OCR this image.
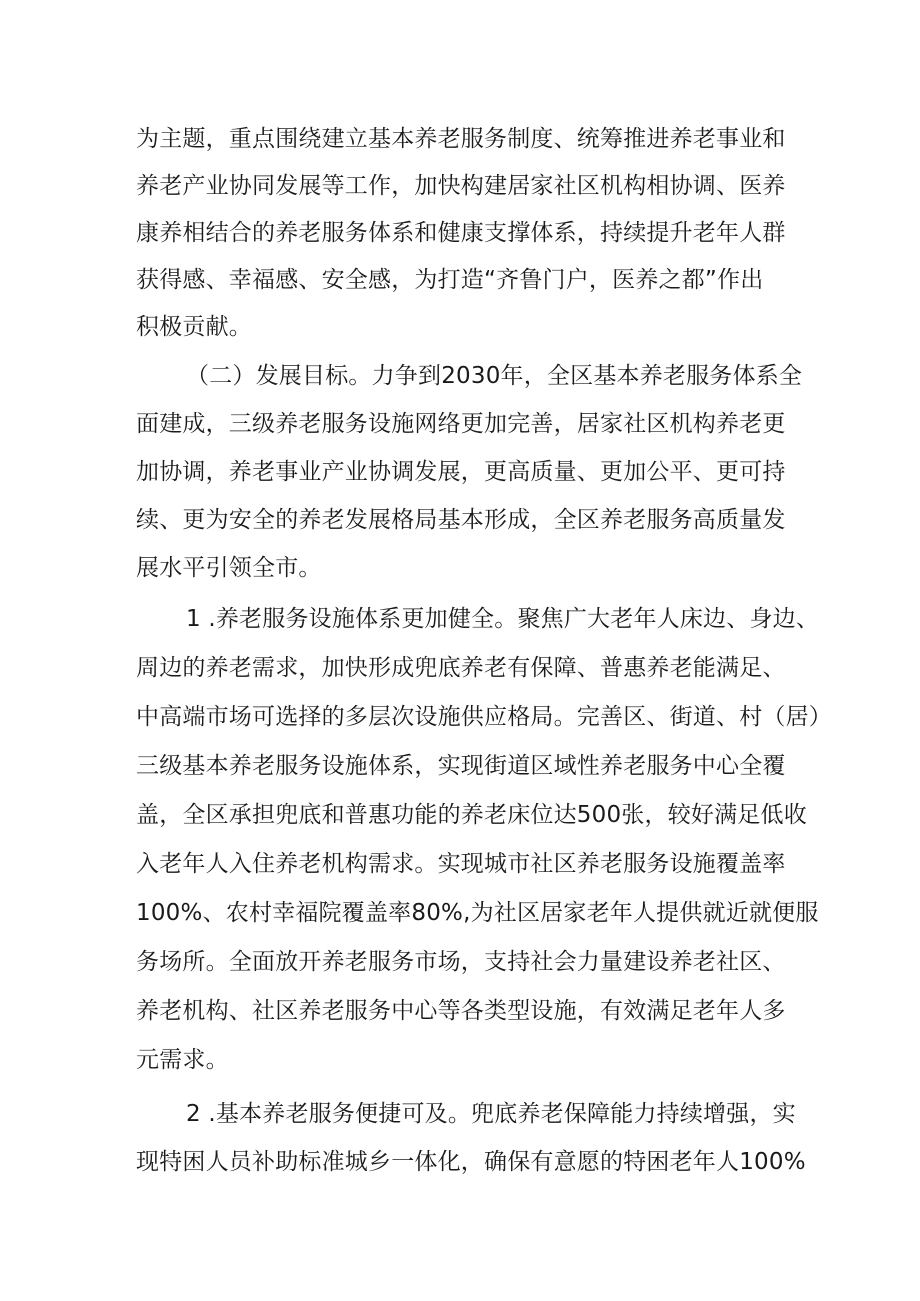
为主题，重点围绕建立基本养老服务制度、统筹推进养老事业和
养老产业协同发展等工作，加快构建居家社区机构相协调、医养
康养相结合的养老服务体系和健康支撑体系，持续提升老年人群
获得感、幸福感、安全感，为打造“齐鲁门户，医养之都”作出
积极贡献。
（二）发展目标。力争到2030年，全区基本养老服务体系全
面建成，三级养老服务设施网络更加完善，居家社区机构养老更
加协调，养老事业产业协调发展，更高质量、更加公平、更可持
续、更为安全的养老发展格局基本形成，全区养老服务高质量发
展水平引领全市。
1 .养老服务设施体系更加健全。聚焦广大老年人床边、身边、
周边的养老需求，加快形成兜底养老有保障、普惠养老能满足、
中高端市场可选择的多层次设施供应格局。完善区、街道、村（居）
三级基本养老服务设施体系，实现街道区域性养老服务中心全覆
盖，全区承担兜底和普惠功能的养老床位达500张，较好满足低收
入老年人入住养老机构需求。实现城市社区养老服务设施覆盖率
100%、农村幸福院覆盖率80%,为社区居家老年人提供就近就便服
务场所。全面放开养老服务市场，支持社会力量建设养老社区、
养老机构、社区养老服务中心等各类型设施，有效满足老年人多
元需求。
2 .基本养老服务便捷可及。兜底养老保障能力持续增强，实
现特困人员补助标准城乡一体化，确保有意愿的特困老年人100%
